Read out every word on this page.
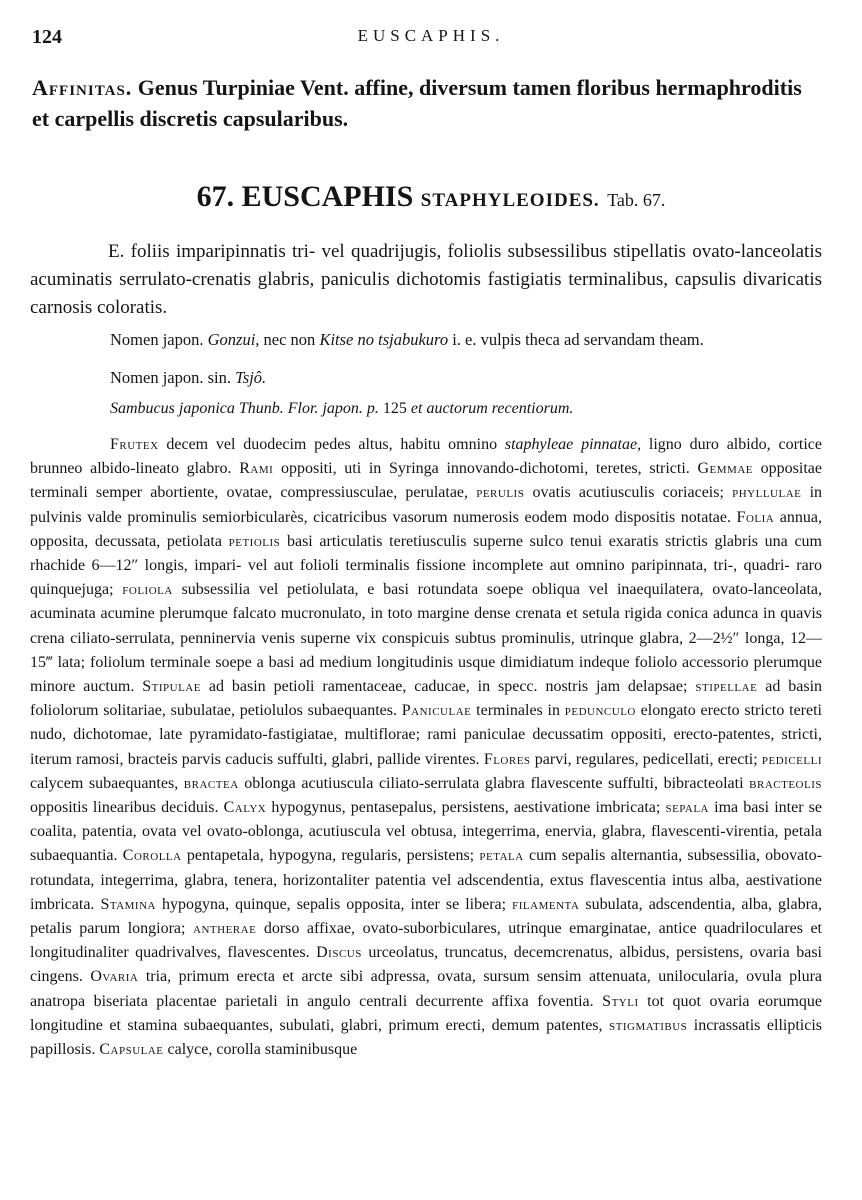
124	EUSCAPHIS.
Affinitas. Genus Turpiniae Vent. affine, diversum tamen floribus hermaphroditis et carpellis discretis capsularibus.
67. EUSCAPHIS STAPHYLEOIDES. Tab. 67.
E. foliis imparipinnatis tri- vel quadrijugis, foliolis subsessilibus stipellatis ovato-lanceolatis acuminatis serrulato-crenatis glabris, paniculis dichotomis fastigiatis terminalibus, capsulis divaricatis carnosis coloratis.
Nomen japon. Gonzui, nec non Kitse no tsjabukuro i. e. vulpis theca ad servandam theam.
Nomen japon. sin. Tsjô.
Sambucus japonica Thunb. Flor. japon. p. 125 et auctorum recentiorum.
Frutex decem vel duodecim pedes altus, habitu omnino staphyleae pinnatae, ligno duro albido, cortice brunneo albido-lineato glabro. Rami oppositi, uti in Syringa innovando-dichotomi, teretes, stricti. Gemmae oppositae terminali semper abortiente, ovatae, compressiusculae, perulatae, perulis ovatis acutiusculis coriaceis; phyllulae in pulvinis valde prominulis semiorbicularès, cicatricibus vasorum numerosis eodem modo dispositis notatae. Folia annua, opposita, decussata, petiolata petiolis basi articulatis teretiusculis superne sulco tenui exaratis strictis glabris una cum rhachide 6—12″ longis, impari- vel aut folioli terminalis fissione incomplete aut omnino paripinnata, tri-, quadri- raro quinquejuga; foliola subsessilia vel petiolulata, e basi rotundata soepe obliqua vel inaequilatera, ovato-lanceolata, acuminata acumine plerumque falcato mucronulato, in toto margine dense crenata et setula rigida conica adunca in quavis crena ciliato-serrulata, penninervia venis superne vix conspicuis subtus prominulis, utrinque glabra, 2—2½″ longa, 12—15‴ lata; foliolum terminale soepe a basi ad medium longitudinis usque dimidiatum indeque foliolo accessorio plerumque minore auctum. Stipulae ad basin petioli ramentaceae, caducae, in specc. nostris jam delapsae; stipellae ad basin foliolorum solitariae, subulatae, petiolulos subaequantes. Paniculae terminales in pedunculo elongato erecto stricto tereti nudo, dichotomae, late pyramidato-fastigiatae, multiflorae; rami paniculae decussatim oppositi, erecto-patentes, stricti, iterum ramosi, bracteis parvis caducis suffulti, glabri, pallide virentes. Flores parvi, regulares, pedicellati, erecti; pedicelli calycem subaequantes, bractea oblonga acutiuscula ciliato-serrulata glabra flavescente suffulti, bibracteolati bracteolis oppositis linearibus deciduis. Calyx hypogynus, pentasepalus, persistens, aestivatione imbricata; sepala ima basi inter se coalita, patentia, ovata vel ovato-oblonga, acutiuscula vel obtusa, integerrima, enervia, glabra, flavescenti-virentia, petala subaequantia. Corolla pentapetala, hypogyna, regularis, persistens; petala cum sepalis alternantia, subsessilia, obovato-rotundata, integerrima, glabra, tenera, horizontaliter patentia vel adscendentia, extus flavescentia intus alba, aestivatione imbricata. Stamina hypogyna, quinque, sepalis opposita, inter se libera; filamenta subulata, adscendentia, alba, glabra, petalis parum longiora; antherae dorso affixae, ovato-suborbiculares, utrinque emarginatae, antice quadriloculares et longitudinaliter quadrivalves, flavescentes. Discus urceolatus, truncatus, decemcrenatus, albidus, persistens, ovaria basi cingens. Ovaria tria, primum erecta et arcte sibi adpressa, ovata, sursum sensim attenuata, unilocularia, ovula plura anatropa biseriata placentae parietali in angulo centrali decurrente affixa foventia. Styli tot quot ovaria eorumque longitudine et stamina subaequantes, subulati, glabri, primum erecti, demum patentes, stigmatibus incrassatis ellipticis papillosis. Capsulae calyce, corolla staminibusque
